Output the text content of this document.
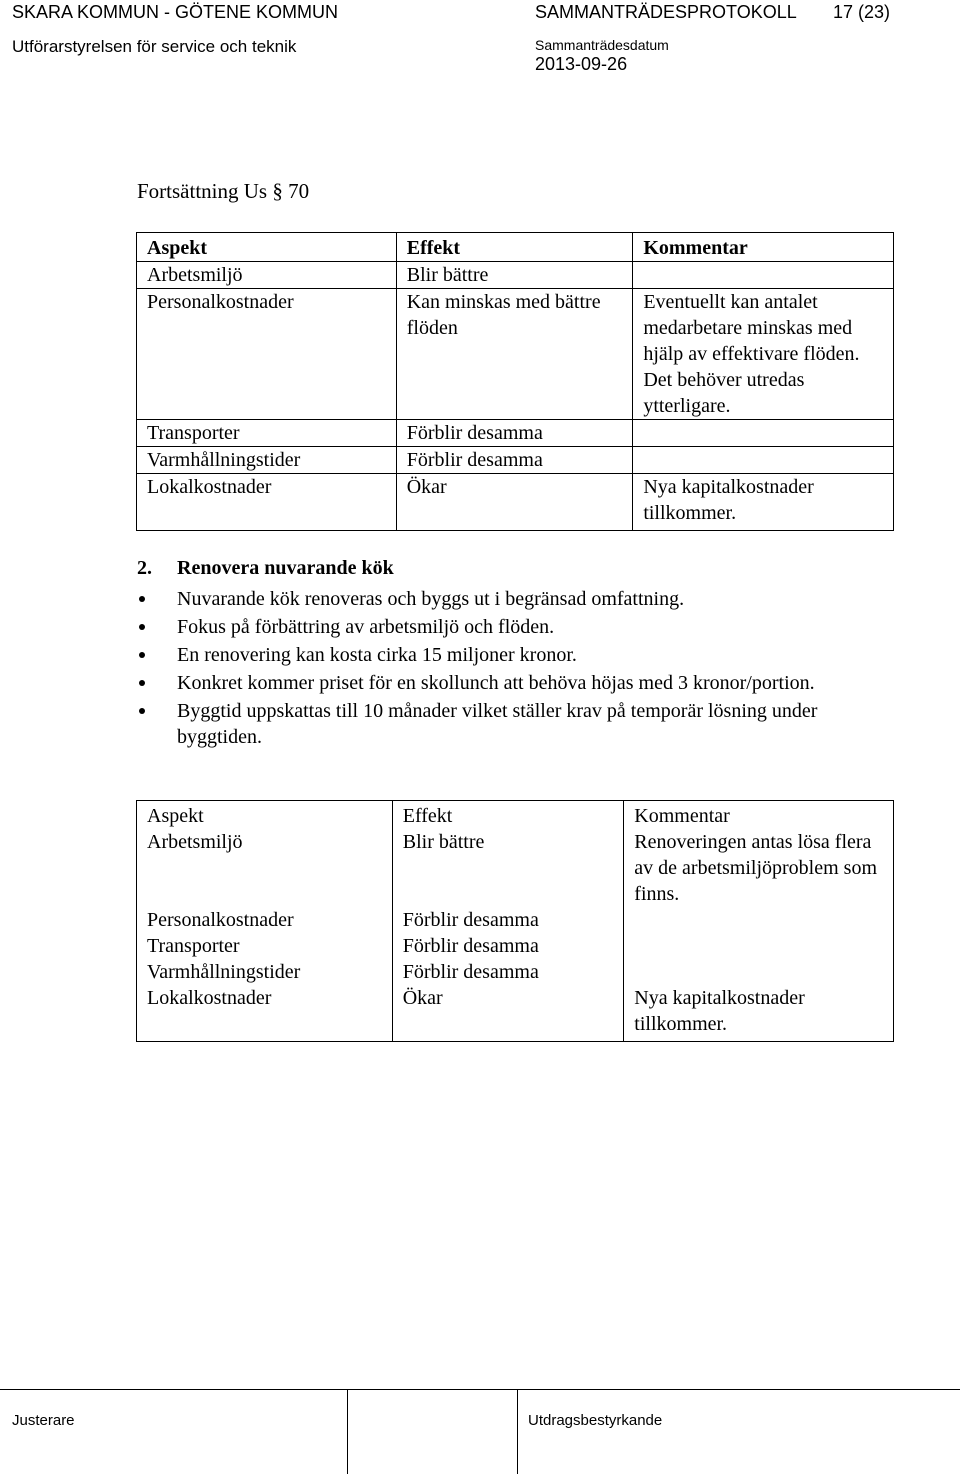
SKARA KOMMUN - GÖTENE KOMMUN	SAMMANTRÄDESPROTOKOLL 17 (23)
Utförarstyrelsen för service och teknik	Sammanträdesdatum
2013-09-26
Fortsättning Us § 70
Aspekt	Effekt	Kommentar
Arbetsmiljö	Blir bättre	
Personalkostnader	Kan minskas med bättre flöden	Eventuellt kan antalet medarbetare minskas med hjälp av effektivare flöden. Det behöver utredas ytterligare.
Transporter	Förblir desamma	
Varmhållningstider	Förblir desamma	
Lokalkostnader	Ökar	Nya kapitalkostnader tillkommer.
2. Renovera nuvarande kök
Nuvarande kök renoveras och byggs ut i begränsad omfattning.
Fokus på förbättring av arbetsmiljö och flöden.
En renovering kan kosta cirka 15 miljoner kronor.
Konkret kommer priset för en skollunch att behöva höjas med 3 kronor/portion.
Byggtid uppskattas till 10 månader vilket ställer krav på temporär lösning under byggtiden.
Aspekt	Effekt	Kommentar
Arbetsmiljö	Blir bättre	Renoveringen antas lösa flera av de arbetsmiljöproblem som finns.
Personalkostnader	Förblir desamma	
Transporter	Förblir desamma	
Varmhållningstider	Förblir desamma	
Lokalkostnader	Ökar	Nya kapitalkostnader tillkommer.
Justerare	Utdragsbestyrkande
